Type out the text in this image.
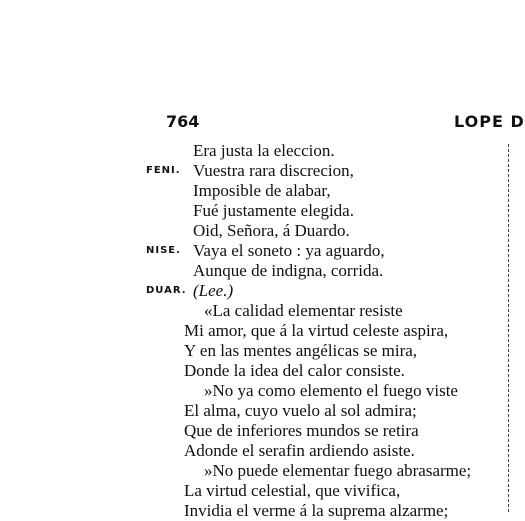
764	LOPE D
Era justa la eleccion.
FENI. Vuestra rara discrecion,
Imposible de alabar,
Fué justamente elegida.
Oid, Señora, á Duardo.
NISE. Vaya el soneto : ya aguardo,
Aunque de indigna, corrida.
DUAR. (Lee.)
«La calidad elementar resiste
Mi amor, que á la virtud celeste aspira,
Y en las mentes angélicas se mira,
Donde la idea del calor consiste.
»No ya como elemento el fuego viste
El alma, cuyo vuelo al sol admira;
Que de inferiores mundos se retira
Adonde el serafin ardiendo asiste.
»No puede elementar fuego abrasarme;
La virtud celestial, que vivifica,
Invidia el verme á la suprema alzarme;
